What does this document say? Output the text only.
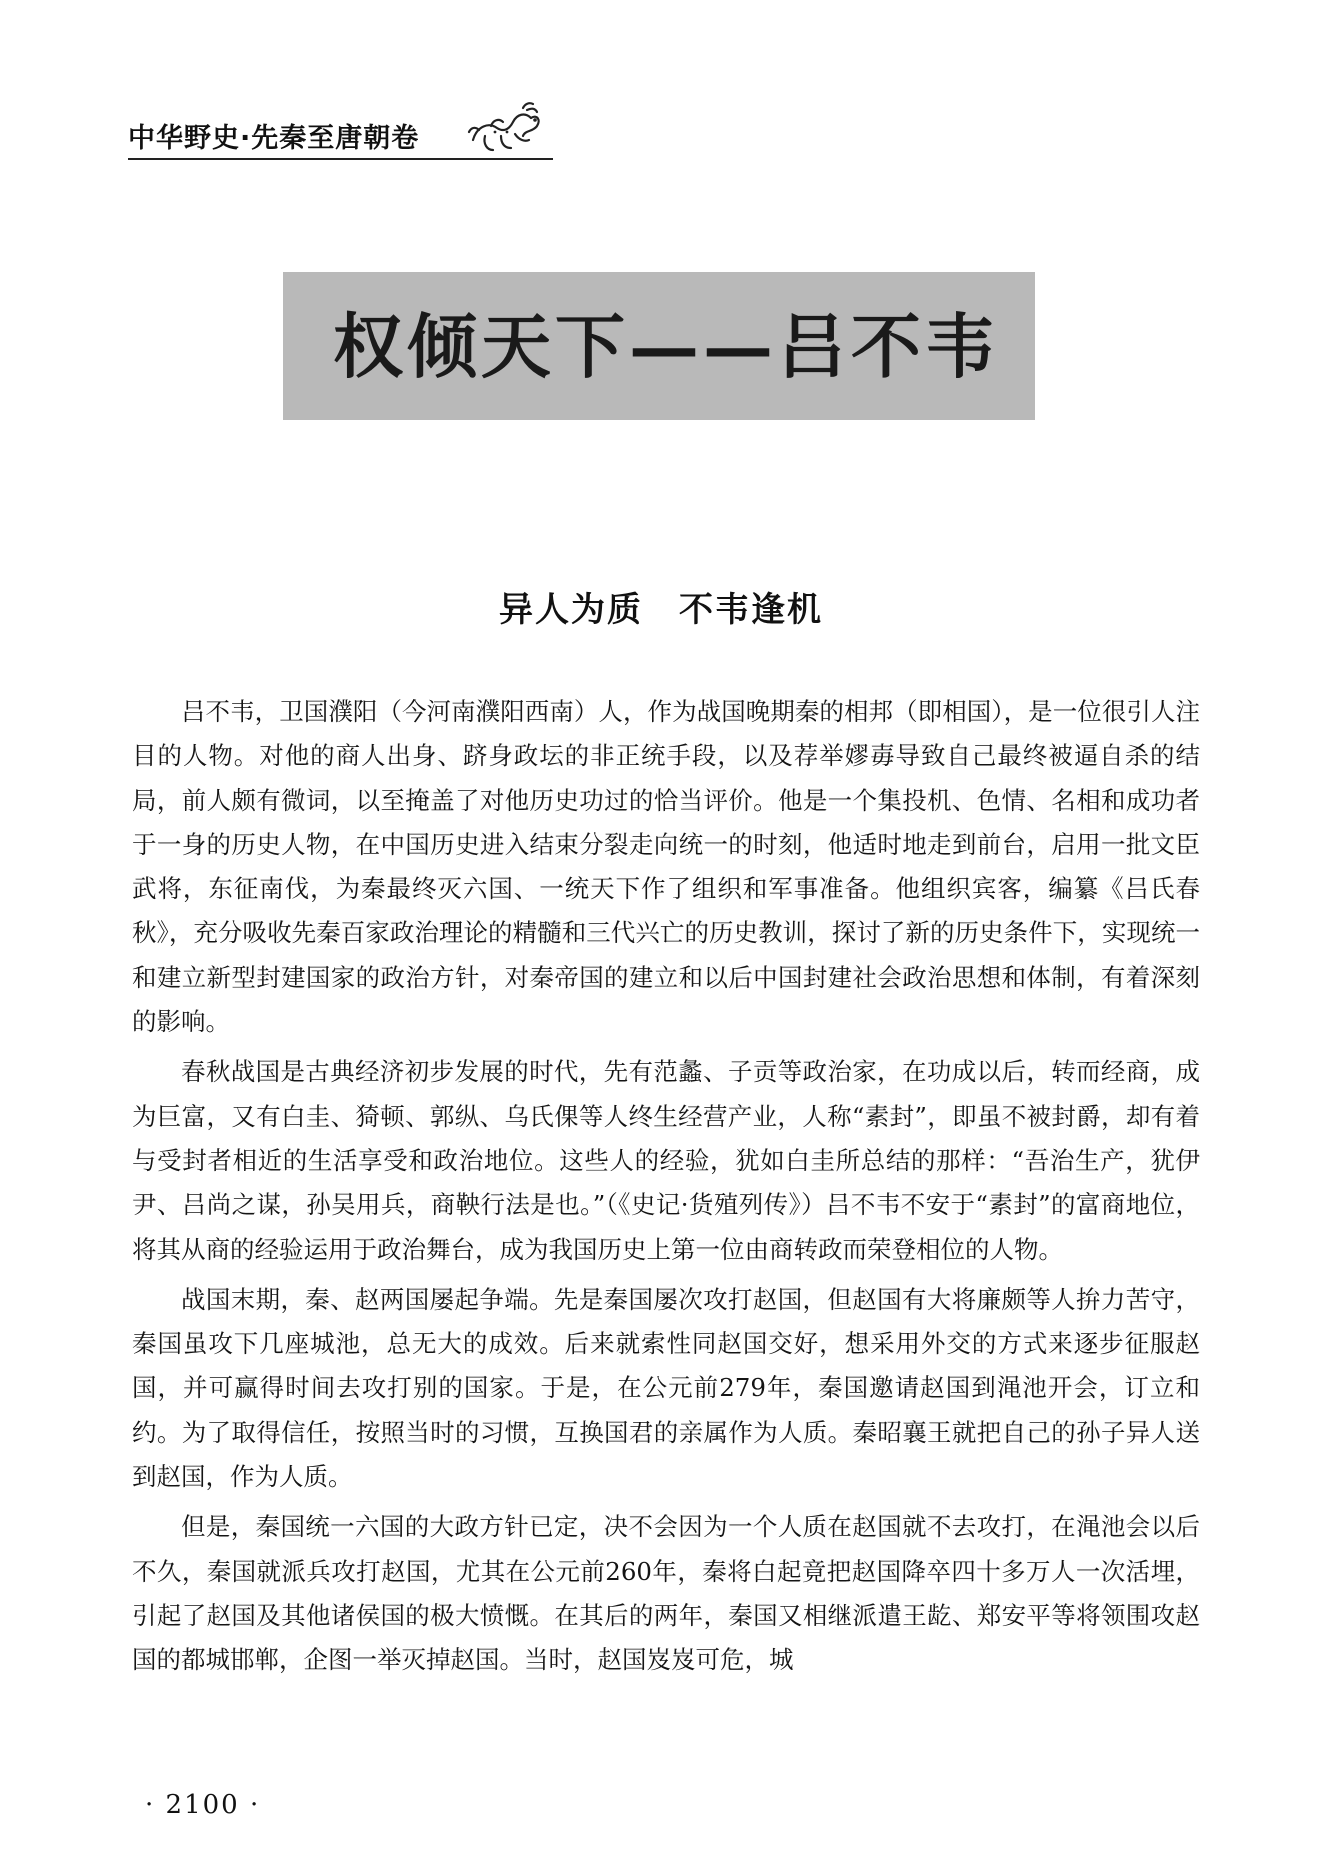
中华野史·先秦至唐朝卷
权倾天下——吕不韦
异人为质　不韦逢机

吕不韦，卫国濮阳（今河南濮阳西南）人，作为战国晚期秦的相邦（即相国），是一位很引人注目的人物。对他的商人出身、跻身政坛的非正统手段，以及荐举嫪毐导致自己最终被逼自杀的结局，前人颇有微词，以至掩盖了对他历史功过的恰当评价。他是一个集投机、色情、名相和成功者于一身的历史人物，在中国历史进入结束分裂走向统一的时刻，他适时地走到前台，启用一批文臣武将，东征南伐，为秦最终灭六国、一统天下作了组织和军事准备。他组织宾客，编纂《吕氏春秋》，充分吸收先秦百家政治理论的精髓和三代兴亡的历史教训，探讨了新的历史条件下，实现统一和建立新型封建国家的政治方针，对秦帝国的建立和以后中国封建社会政治思想和体制，有着深刻的影响。

春秋战国是古典经济初步发展的时代，先有范蠡、子贡等政治家，在功成以后，转而经商，成为巨富，又有白圭、猗顿、郭纵、乌氏倮等人终生经营产业，人称“素封”，即虽不被封爵，却有着与受封者相近的生活享受和政治地位。这些人的经验，犹如白圭所总结的那样：“吾治生产，犹伊尹、吕尚之谋，孙吴用兵，商鞅行法是也。”（《史记·货殖列传》）吕不韦不安于“素封”的富商地位，将其从商的经验运用于政治舞台，成为我国历史上第一位由商转政而荣登相位的人物。

战国末期，秦、赵两国屡起争端。先是秦国屡次攻打赵国，但赵国有大将廉颇等人拚力苦守，秦国虽攻下几座城池，总无大的成效。后来就索性同赵国交好，想采用外交的方式来逐步征服赵国，并可赢得时间去攻打别的国家。于是，在公元前279年，秦国邀请赵国到渑池开会，订立和约。为了取得信任，按照当时的习惯，互换国君的亲属作为人质。秦昭襄王就把自己的孙子异人送到赵国，作为人质。

但是，秦国统一六国的大政方针已定，决不会因为一个人质在赵国就不去攻打，在渑池会以后不久，秦国就派兵攻打赵国，尤其在公元前260年，秦将白起竟把赵国降卒四十多万人一次活埋，引起了赵国及其他诸侯国的极大愤慨。在其后的两年，秦国又相继派遣王龁、郑安平等将领围攻赵国的都城邯郸，企图一举灭掉赵国。当时，赵国岌岌可危，城

· 2100 ·
